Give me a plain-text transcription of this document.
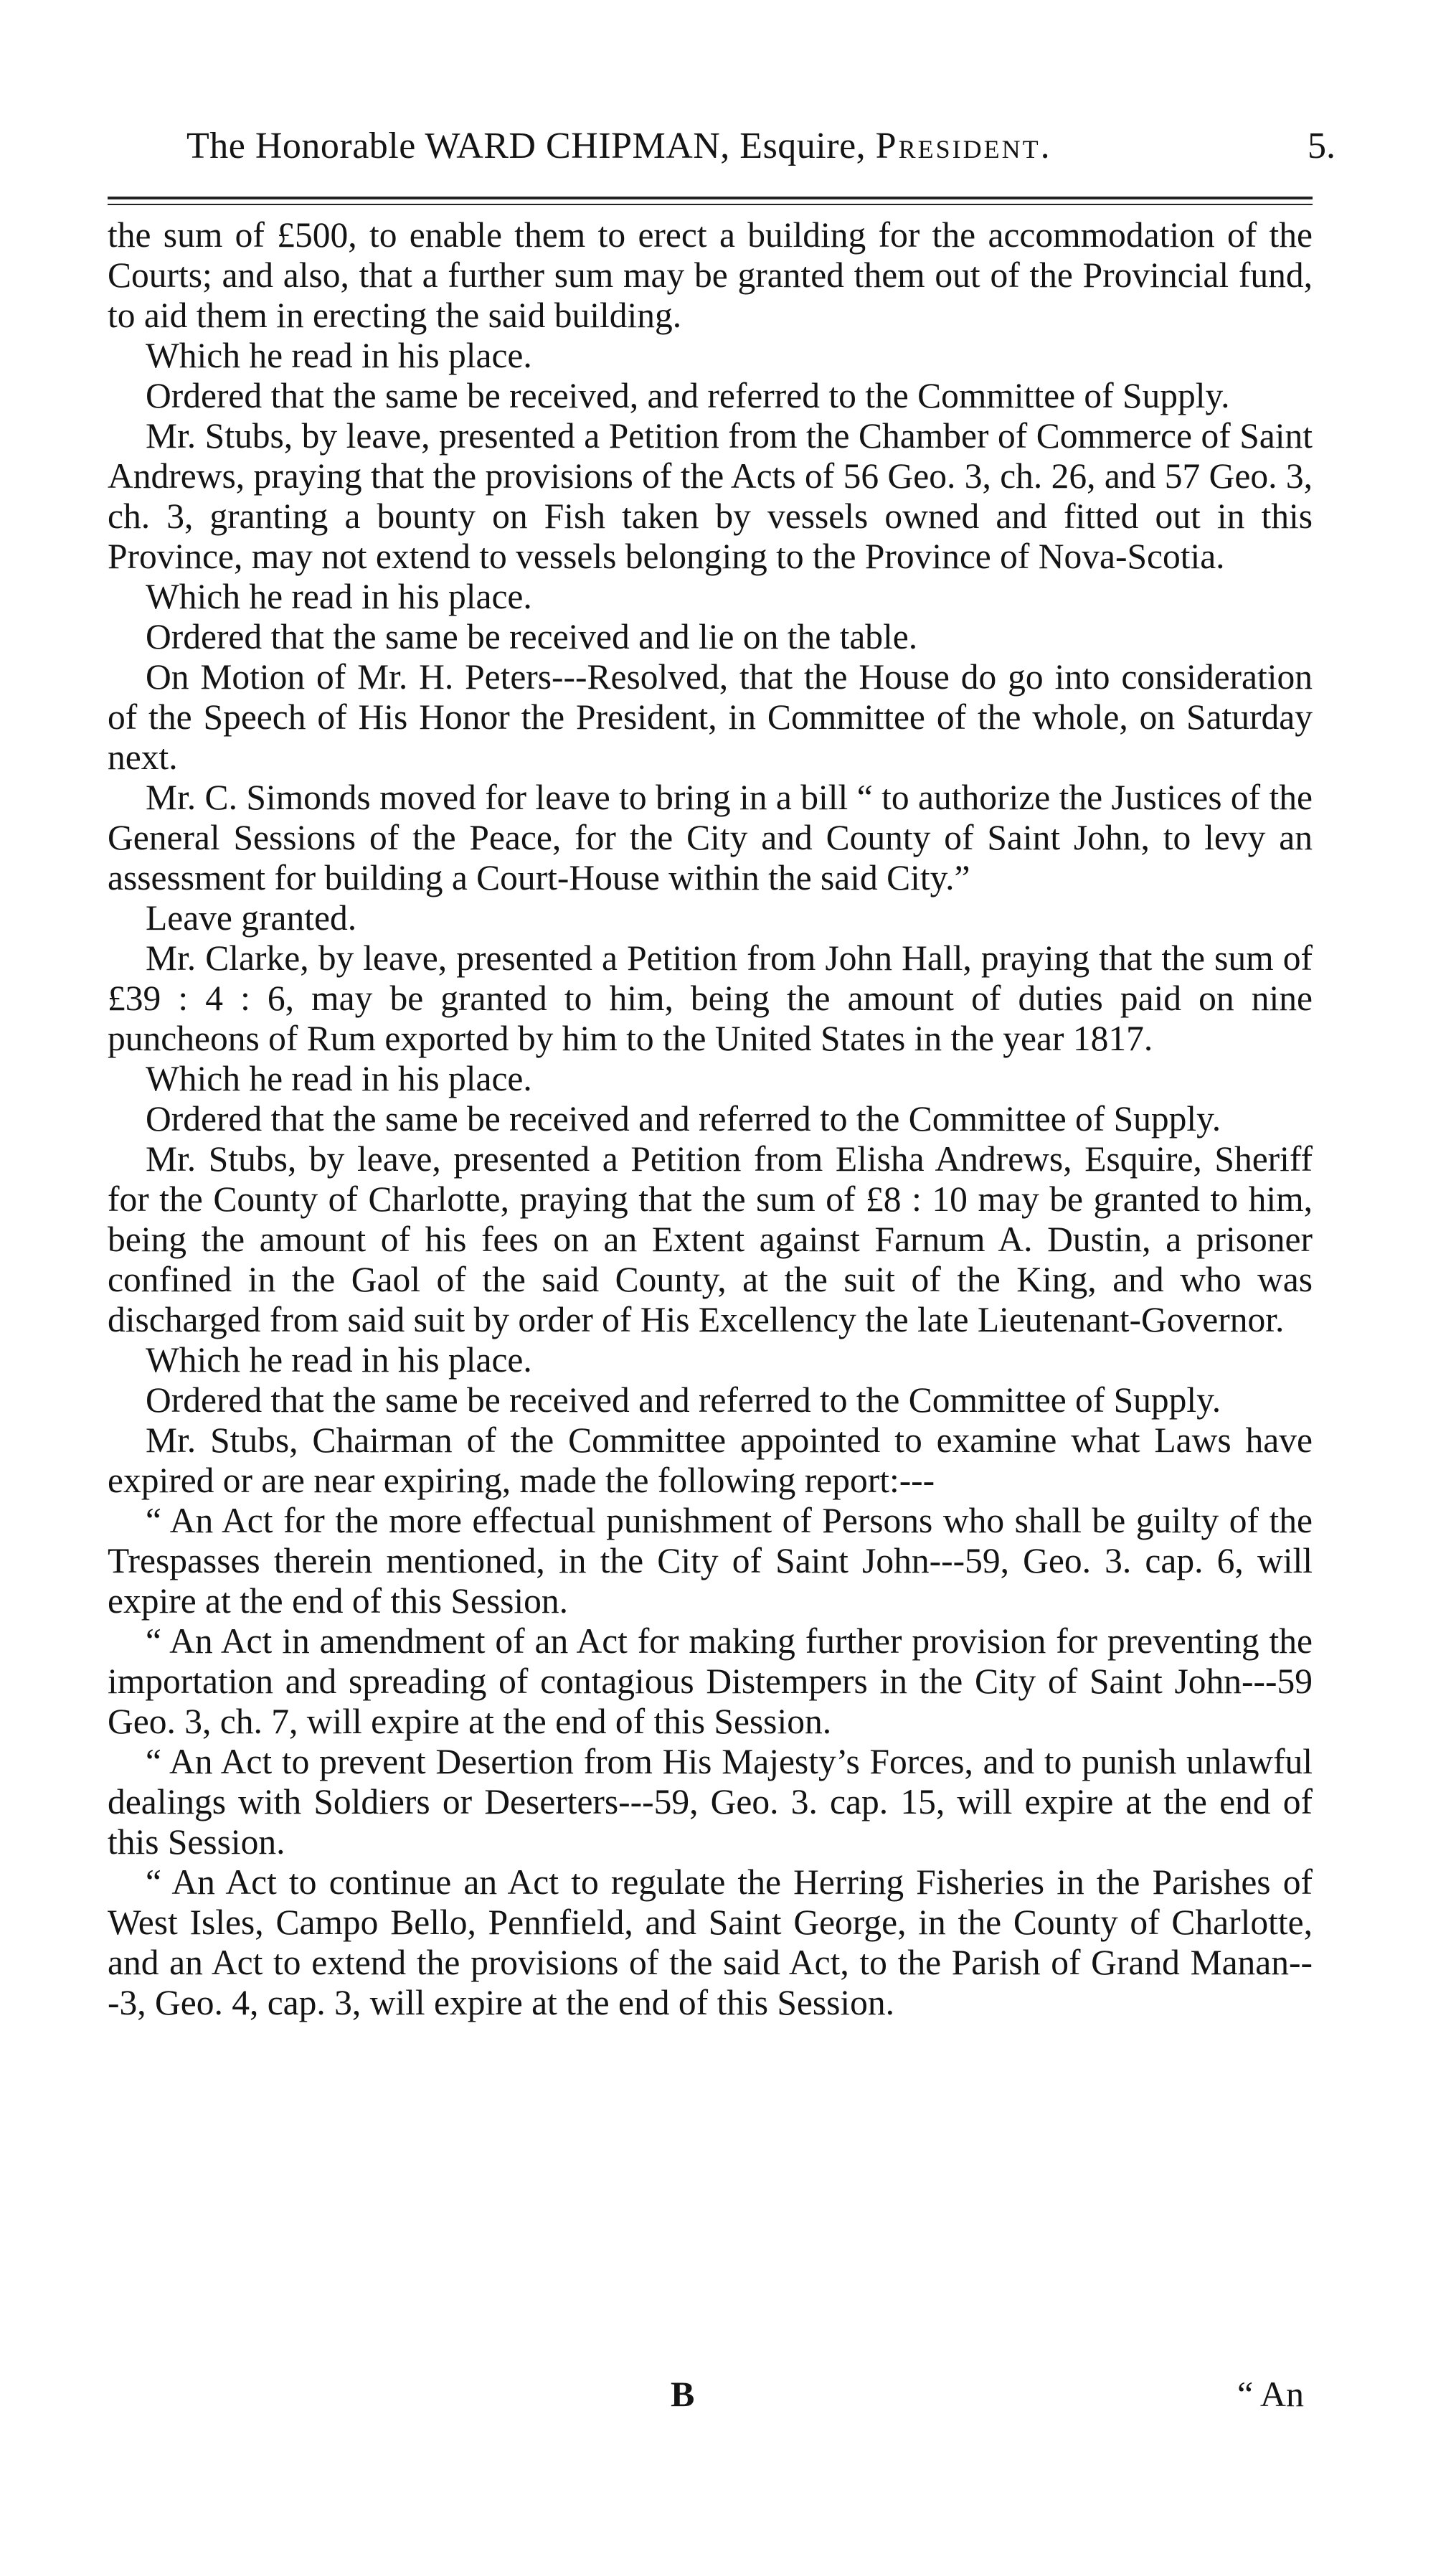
The Honorable WARD CHIPMAN, Esquire, President.	5.

the sum of £500, to enable them to erect a building for the accommodation of the Courts; and also, that a further sum may be granted them out of the Provincial fund, to aid them in erecting the said building.

Which he read in his place.

Ordered that the same be received, and referred to the Committee of Supply.

Mr. Stubs, by leave, presented a Petition from the Chamber of Commerce of Saint Andrews, praying that the provisions of the Acts of 56 Geo. 3, ch. 26, and 57 Geo. 3, ch. 3, granting a bounty on Fish taken by vessels owned and fitted out in this Province, may not extend to vessels belonging to the Province of Nova-Scotia.

Which he read in his place.

Ordered that the same be received and lie on the table.

On Motion of Mr. H. Peters---Resolved, that the House do go into consideration of the Speech of His Honor the President, in Committee of the whole, on Saturday next.

Mr. C. Simonds moved for leave to bring in a bill “ to authorize the Justices of the General Sessions of the Peace, for the City and County of Saint John, to levy an assessment for building a Court-House within the said City.”

Leave granted.

Mr. Clarke, by leave, presented a Petition from John Hall, praying that the sum of £39 : 4 : 6, may be granted to him, being the amount of duties paid on nine puncheons of Rum exported by him to the United States in the year 1817.

Which he read in his place.

Ordered that the same be received and referred to the Committee of Supply.

Mr. Stubs, by leave, presented a Petition from Elisha Andrews, Esquire, Sheriff for the County of Charlotte, praying that the sum of £8 : 10 may be granted to him, being the amount of his fees on an Extent against Farnum A. Dustin, a prisoner confined in the Gaol of the said County, at the suit of the King, and who was discharged from said suit by order of His Excellency the late Lieutenant-Governor.

Which he read in his place.

Ordered that the same be received and referred to the Committee of Supply.

Mr. Stubs, Chairman of the Committee appointed to examine what Laws have expired or are near expiring, made the following report:---

“ An Act for the more effectual punishment of Persons who shall be guilty of the Trespasses therein mentioned, in the City of Saint John---59, Geo. 3. cap. 6, will expire at the end of this Session.

“ An Act in amendment of an Act for making further provision for preventing the importation and spreading of contagious Distempers in the City of Saint John---59 Geo. 3, ch. 7, will expire at the end of this Session.

“ An Act to prevent Desertion from His Majesty’s Forces, and to punish unlawful dealings with Soldiers or Deserters---59, Geo. 3. cap. 15, will expire at the end of this Session.

“ An Act to continue an Act to regulate the Herring Fisheries in the Parishes of West Isles, Campo Bello, Pennfield, and Saint George, in the County of Charlotte, and an Act to extend the provisions of the said Act, to the Parish of Grand Manan---3, Geo. 4, cap. 3, will expire at the end of this Session.

B	“ An
